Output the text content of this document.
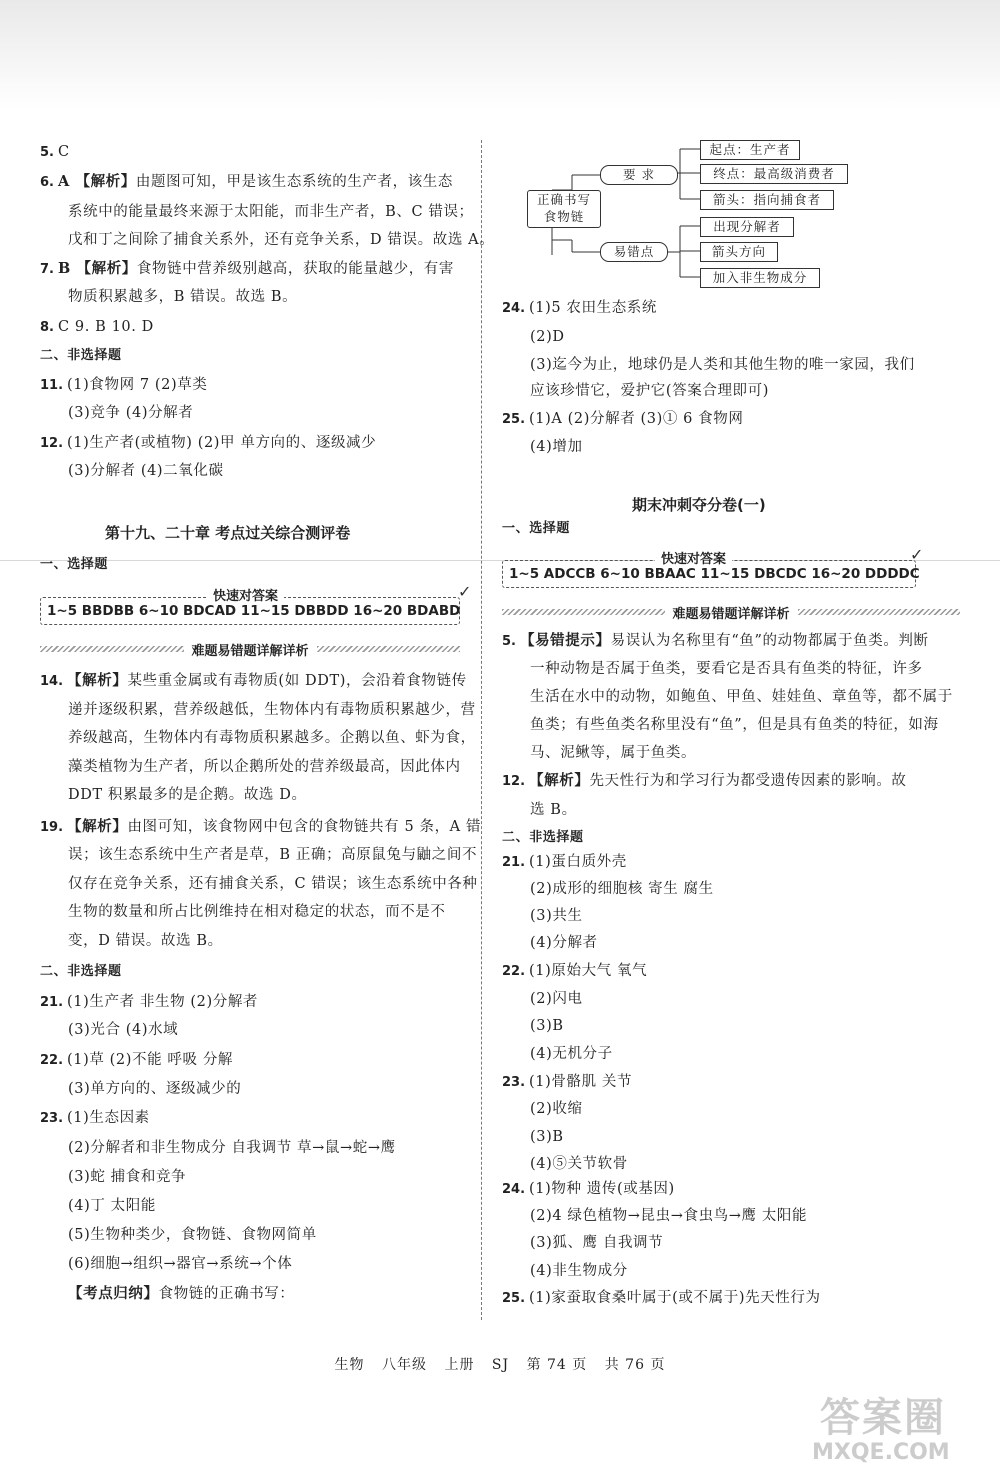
5. C
6. A 【解析】由题图可知，甲是该生态系统的生产者，该生态
系统中的能量最终来源于太阳能，而非生产者，B、C 错误；
戊和丁之间除了捕食关系外，还有竞争关系，D 错误。故选 A。
7. B 【解析】食物链中营养级别越高，获取的能量越少，有害
物质积累越多，B 错误。故选 B。
8. C 9. B 10. D
二、非选择题
11. (1)食物网 7 (2)草类
(3)竞争 (4)分解者
12. (1)生产者(或植物) (2)甲 单方向的、逐级减少
(3)分解者 (4)二氧化碳
第十九、二十章 考点过关综合测评卷
一、选择题
快速对答案
1~5 BBDBB 6~10 BDCAD 11~15 DBBDD 16~20 BDABD
✓
难题易错题详解详析
14. 【解析】某些重金属或有毒物质(如 DDT)，会沿着食物链传
递并逐级积累，营养级越低，生物体内有毒物质积累越少，营
养级越高，生物体内有毒物质积累越多。企鹅以鱼、虾为食，
藻类植物为生产者，所以企鹅所处的营养级最高，因此体内
DDT 积累最多的是企鹅。故选 D。
19. 【解析】由图可知，该食物网中包含的食物链共有 5 条，A 错
误；该生态系统中生产者是草，B 正确；高原鼠兔与鼬之间不
仅存在竞争关系，还有捕食关系，C 错误；该生态系统中各种
生物的数量和所占比例维持在相对稳定的状态，而不是不
变，D 错误。故选 B。
二、非选择题
21. (1)生产者 非生物 (2)分解者
(3)光合 (4)水域
22. (1)草 (2)不能 呼吸 分解
(3)单方向的、逐级减少的
23. (1)生态因素
(2)分解者和非生物成分 自我调节 草→鼠→蛇→鹰
(3)蛇 捕食和竞争
(4)丁 太阳能
(5)生物种类少，食物链、食物网简单
(6)细胞→组织→器官→系统→个体
【考点归纳】食物链的正确书写：
正确书写
食物链
要 求
易错点
起点：生产者
终点：最高级消费者
箭头：指向捕食者
出现分解者
箭头方向
加入非生物成分
24. (1)5 农田生态系统
(2)D
(3)迄今为止，地球仍是人类和其他生物的唯一家园，我们
应该珍惜它，爱护它(答案合理即可)
25. (1)A (2)分解者 (3)① 6 食物网
(4)增加
期末冲刺夺分卷(一)
一、选择题
快速对答案
1~5 ADCCB 6~10 BBAAC 11~15 DBCDC 16~20 DDDDC
✓
难题易错题详解详析
5. 【易错提示】易误认为名称里有“鱼”的动物都属于鱼类。判断
一种动物是否属于鱼类，要看它是否具有鱼类的特征，许多
生活在水中的动物，如鲍鱼、甲鱼、娃娃鱼、章鱼等，都不属于
鱼类；有些鱼类名称里没有“鱼”，但是具有鱼类的特征，如海
马、泥鳅等，属于鱼类。
12. 【解析】先天性行为和学习行为都受遗传因素的影响。故
选 B。
二、非选择题
21. (1)蛋白质外壳
(2)成形的细胞核 寄生 腐生
(3)共生
(4)分解者
22. (1)原始大气 氧气
(2)闪电
(3)B
(4)无机分子
23. (1)骨骼肌 关节
(2)收缩
(3)B
(4)⑤关节软骨
24. (1)物种 遗传(或基因)
(2)4 绿色植物→昆虫→食虫鸟→鹰 太阳能
(3)狐、鹰 自我调节
(4)非生物成分
25. (1)家蚕取食桑叶属于(或不属于)先天性行为
生物 八年级 上册 SJ 第 74 页 共 76 页
答案圈
MXQE.COM
